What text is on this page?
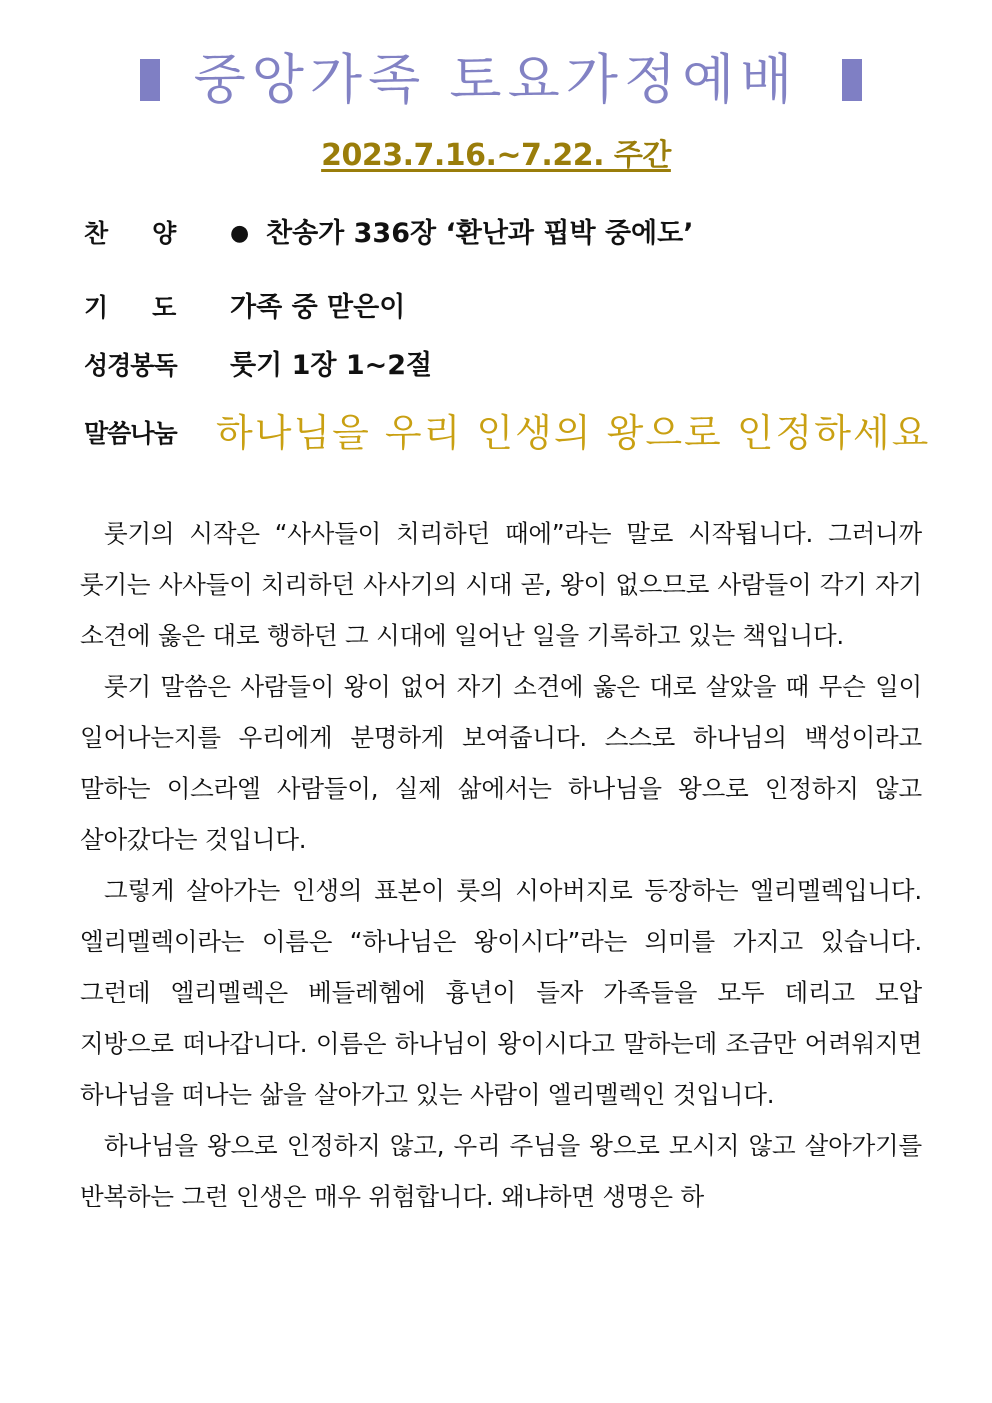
중앙가족 토요가정예배
2023.7.16.~7.22. 주간
찬양 ● 찬송가 336장 ‘환난과 핍박 중에도’
기도 가족 중 맏은이
성경봉독 룻기 1장 1~2절
말씀나눔 하나님을 우리 인생의 왕으로 인정하세요

룻기의 시작은 “사사들이 치리하던 때에”라는 말로 시작됩니다. 그러니까 룻기는 사사들이 치리하던 사사기의 시대 곧, 왕이 없으므로 사람들이 각기 자기 소견에 옳은 대로 행하던 그 시대에 일어난 일을 기록하고 있는 책입니다.

룻기 말씀은 사람들이 왕이 없어 자기 소견에 옳은 대로 살았을 때 무슨 일이 일어나는지를 우리에게 분명하게 보여줍니다. 스스로 하나님의 백성이라고 말하는 이스라엘 사람들이, 실제 삶에서는 하나님을 왕으로 인정하지 않고 살아갔다는 것입니다.

그렇게 살아가는 인생의 표본이 룻의 시아버지로 등장하는 엘리멜렉입니다. 엘리멜렉이라는 이름은 “하나님은 왕이시다”라는 의미를 가지고 있습니다. 그런데 엘리멜렉은 베들레헴에 흉년이 들자 가족들을 모두 데리고 모압 지방으로 떠나갑니다. 이름은 하나님이 왕이시다고 말하는데 조금만 어려워지면 하나님을 떠나는 삶을 살아가고 있는 사람이 엘리멜렉인 것입니다.

하나님을 왕으로 인정하지 않고, 우리 주님을 왕으로 모시지 않고 살아가기를 반복하는 그런 인생은 매우 위험합니다. 왜냐하면 생명은 하
